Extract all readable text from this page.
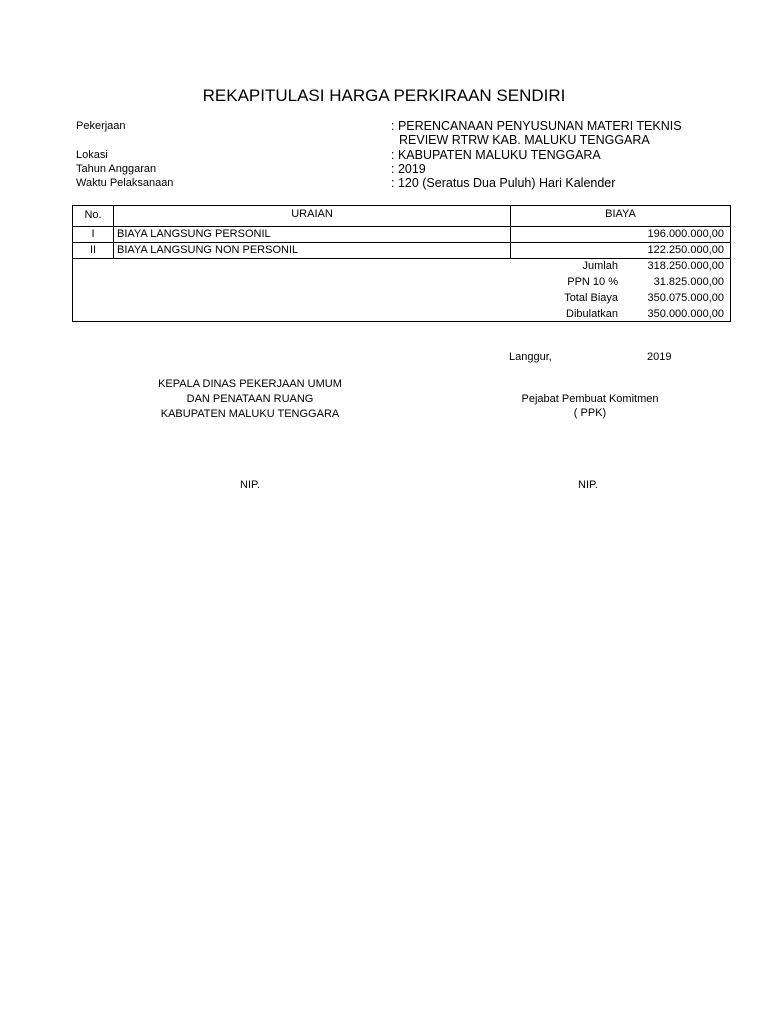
REKAPITULASI HARGA PERKIRAAN SENDIRI
Pekerjaan	: PERENCANAAN PENYUSUNAN MATERI TEKNIS
REVIEW RTRW KAB. MALUKU TENGGARA
Lokasi	: KABUPATEN MALUKU TENGGARA
Tahun Anggaran	: 2019
Waktu Pelaksanaan	: 120 (Seratus Dua Puluh) Hari Kalender
No.	URAIAN	BIAYA
I	BIAYA LANGSUNG PERSONIL	196.000.000,00
II	BIAYA LANGSUNG NON PERSONIL	122.250.000,00
Jumlah	318.250.000,00
PPN 10 %	31.825.000,00
Total Biaya	350.075.000,00
Dibulatkan	350.000.000,00
Langgur,	2019
KEPALA DINAS PEKERJAAN UMUM
DAN PENATAAN RUANG
KABUPATEN MALUKU TENGGARA
NIP.
Pejabat Pembuat Komitmen
( PPK)
NIP.
